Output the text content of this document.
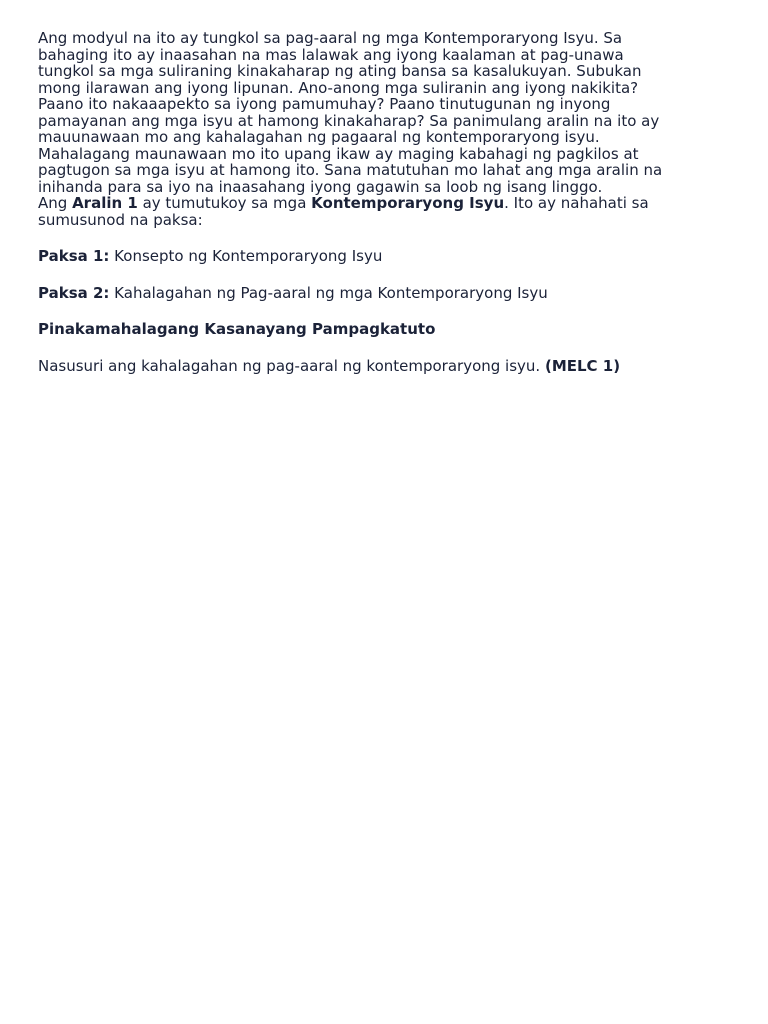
Ang modyul na ito ay tungkol sa pag-aaral ng mga Kontemporaryong Isyu. Sa
bahaging ito ay inaasahan na mas lalawak ang iyong kaalaman at pag-unawa
tungkol sa mga suliraning kinakaharap ng ating bansa sa kasalukuyan. Subukan
mong ilarawan ang iyong lipunan. Ano-anong mga suliranin ang iyong nakikita?
Paano ito nakaaapekto sa iyong pamumuhay? Paano tinutugunan ng inyong
pamayanan ang mga isyu at hamong kinakaharap? Sa panimulang aralin na ito ay
mauunawaan mo ang kahalagahan ng pagaaral ng kontemporaryong isyu.
Mahalagang maunawaan mo ito upang ikaw ay maging kabahagi ng pagkilos at
pagtugon sa mga isyu at hamong ito. Sana matutuhan mo lahat ang mga aralin na
inihanda para sa iyo na inaasahang iyong gagawin sa loob ng isang linggo.
Ang Aralin 1 ay tumutukoy sa mga Kontemporaryong Isyu. Ito ay nahahati sa
sumusunod na paksa:

Paksa 1: Konsepto ng Kontemporaryong Isyu

Paksa 2: Kahalagahan ng Pag-aaral ng mga Kontemporaryong Isyu

Pinakamahalagang Kasanayang Pampagkatuto

Nasusuri ang kahalagahan ng pag-aaral ng kontemporaryong isyu. (MELC 1)
